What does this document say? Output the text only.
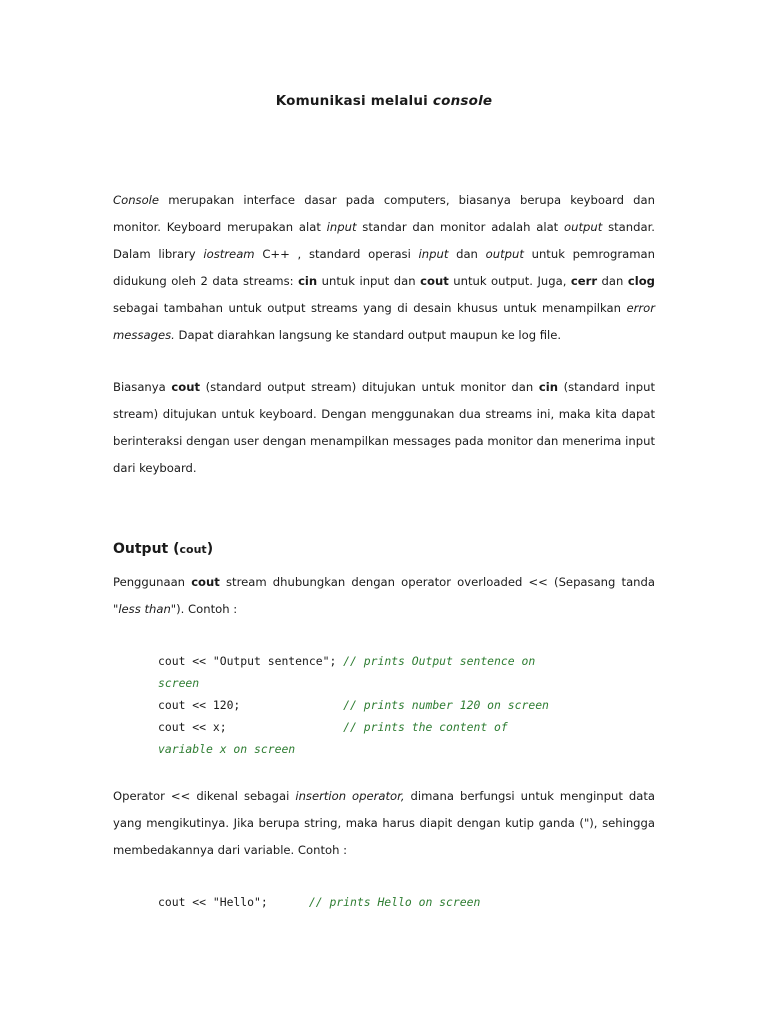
Komunikasi melalui console
Console merupakan interface dasar pada computers, biasanya berupa keyboard dan monitor. Keyboard merupakan alat input standar dan monitor adalah alat output standar. Dalam library iostream C++ , standard operasi input dan output untuk pemrograman didukung oleh 2 data streams: cin untuk input dan cout untuk output. Juga, cerr dan clog sebagai tambahan untuk output streams yang di desain khusus untuk menampilkan error messages. Dapat diarahkan langsung ke standard output maupun ke log file.
Biasanya cout (standard output stream) ditujukan untuk monitor dan cin (standard input stream) ditujukan untuk keyboard. Dengan menggunakan dua streams ini, maka kita dapat berinteraksi dengan user dengan menampilkan messages pada monitor dan menerima input dari keyboard.
Output (cout)
Penggunaan cout stream dhubungkan dengan operator overloaded << (Sepasang tanda "less than"). Contoh :
cout << "Output sentence"; // prints Output sentence on
screen
cout << 120;               // prints number 120 on screen
cout << x;                 // prints the content of
variable x on screen
Operator << dikenal sebagai insertion operator, dimana berfungsi untuk menginput data yang mengikutinya. Jika berupa string, maka harus diapit dengan kutip ganda ("), sehingga membedakannya dari variable. Contoh :
cout << "Hello";      // prints Hello on screen
